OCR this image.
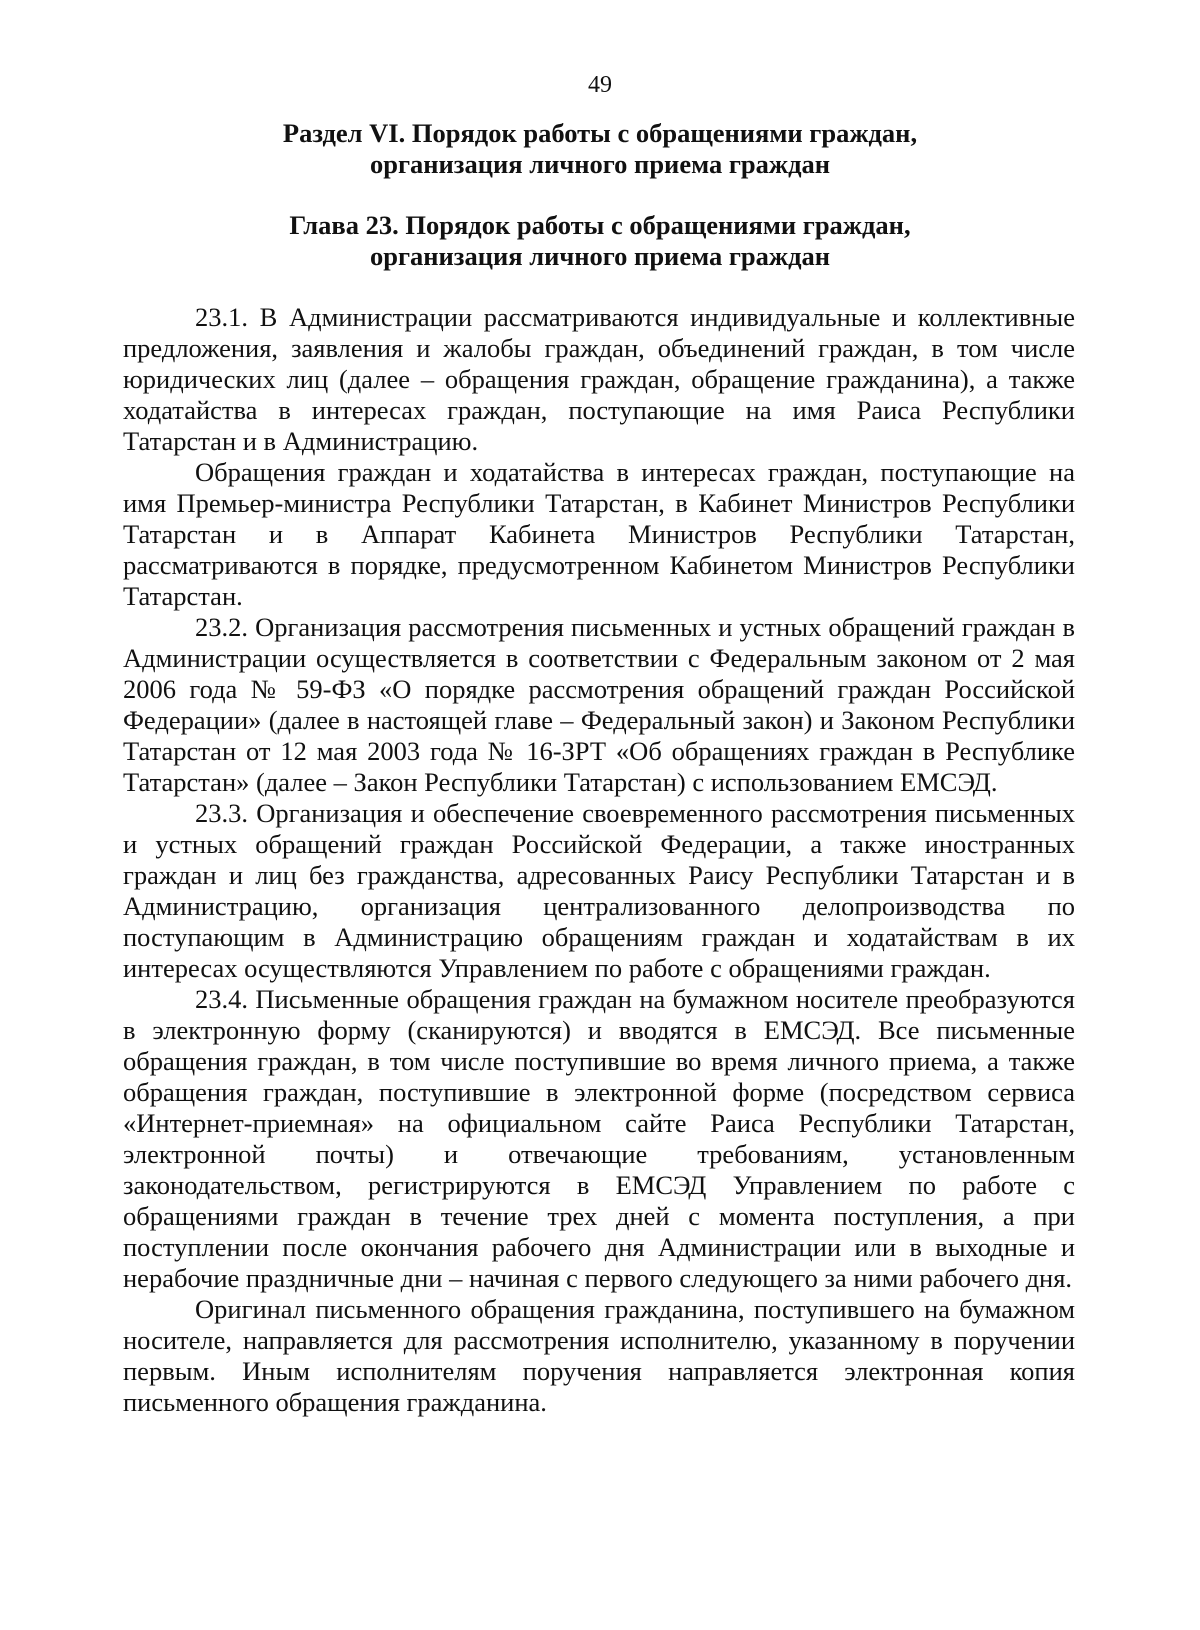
49
Раздел VI. Порядок работы с обращениями граждан,
организация личного приема граждан
Глава 23. Порядок работы с обращениями граждан,
организация личного приема граждан

23.1. В Администрации рассматриваются индивидуальные и коллективные предложения, заявления и жалобы граждан, объединений граждан, в том числе юридических лиц (далее – обращения граждан, обращение гражданина), а также ходатайства в интересах граждан, поступающие на имя Раиса Республики Татарстан и в Администрацию.

Обращения граждан и ходатайства в интересах граждан, поступающие на имя Премьер-министра Республики Татарстан, в Кабинет Министров Республики Татарстан и в Аппарат Кабинета Министров Республики Татарстан, рассматриваются в порядке, предусмотренном Кабинетом Министров Республики Татарстан.

23.2. Организация рассмотрения письменных и устных обращений граждан в Администрации осуществляется в соответствии с Федеральным законом от 2 мая 2006 года № 59-ФЗ «О порядке рассмотрения обращений граждан Российской Федерации» (далее в настоящей главе – Федеральный закон) и Законом Республики Татарстан от 12 мая 2003 года № 16-ЗРТ «Об обращениях граждан в Республике Татарстан» (далее – Закон Республики Татарстан) с использованием ЕМСЭД.

23.3. Организация и обеспечение своевременного рассмотрения письменных и устных обращений граждан Российской Федерации, а также иностранных граждан и лиц без гражданства, адресованных Раису Республики Татарстан и в Администрацию, организация централизованного делопроизводства по поступающим в Администрацию обращениям граждан и ходатайствам в их интересах осуществляются Управлением по работе с обращениями граждан.

23.4. Письменные обращения граждан на бумажном носителе преобразуются в электронную форму (сканируются) и вводятся в ЕМСЭД. Все письменные обращения граждан, в том числе поступившие во время личного приема, а также обращения граждан, поступившие в электронной форме (посредством сервиса «Интернет-приемная» на официальном сайте Раиса Республики Татарстан, электронной почты) и отвечающие требованиям, установленным законодательством, регистрируются в ЕМСЭД Управлением по работе с обращениями граждан в течение трех дней с момента поступления, а при поступлении после окончания рабочего дня Администрации или в выходные и нерабочие праздничные дни – начиная с первого следующего за ними рабочего дня.

Оригинал письменного обращения гражданина, поступившего на бумажном носителе, направляется для рассмотрения исполнителю, указанному в поручении первым. Иным исполнителям поручения направляется электронная копия письменного обращения гражданина.
